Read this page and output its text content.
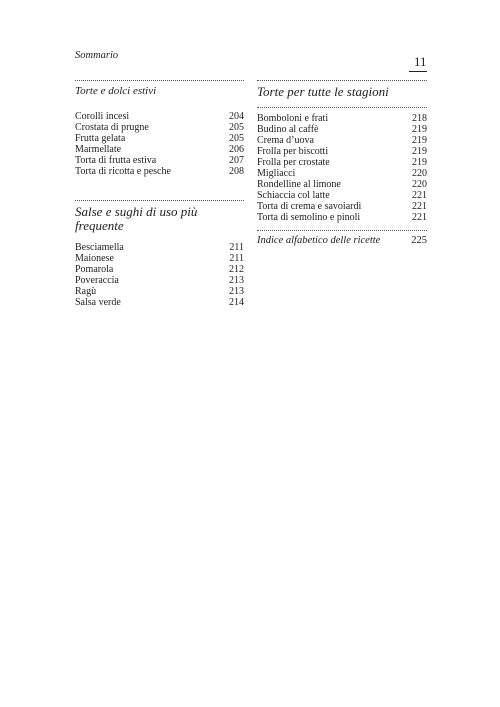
Sommario	11
Torte e dolci estivi
Corolli incesi	204
Crostata di prugne	205
Frutta gelata	205
Marmellate	206
Torta di frutta estiva	207
Torta di ricotta e pesche	208
Salse e sughi di uso più frequente
Besciamella	211
Maionese	211
Pomarola	212
Poveraccia	213
Ragù	213
Salsa verde	214
Torte per tutte le stagioni
Bomboloni e frati	218
Budino al caffè	219
Crema d’uova	219
Frolla per biscotti	219
Frolla per crostate	219
Migliacci	220
Rondelline al limone	220
Schiaccia col latte	221
Torta di crema e savoiardi	221
Torta di semolino e pinoli	221
Indice alfabetico delle ricette	225
